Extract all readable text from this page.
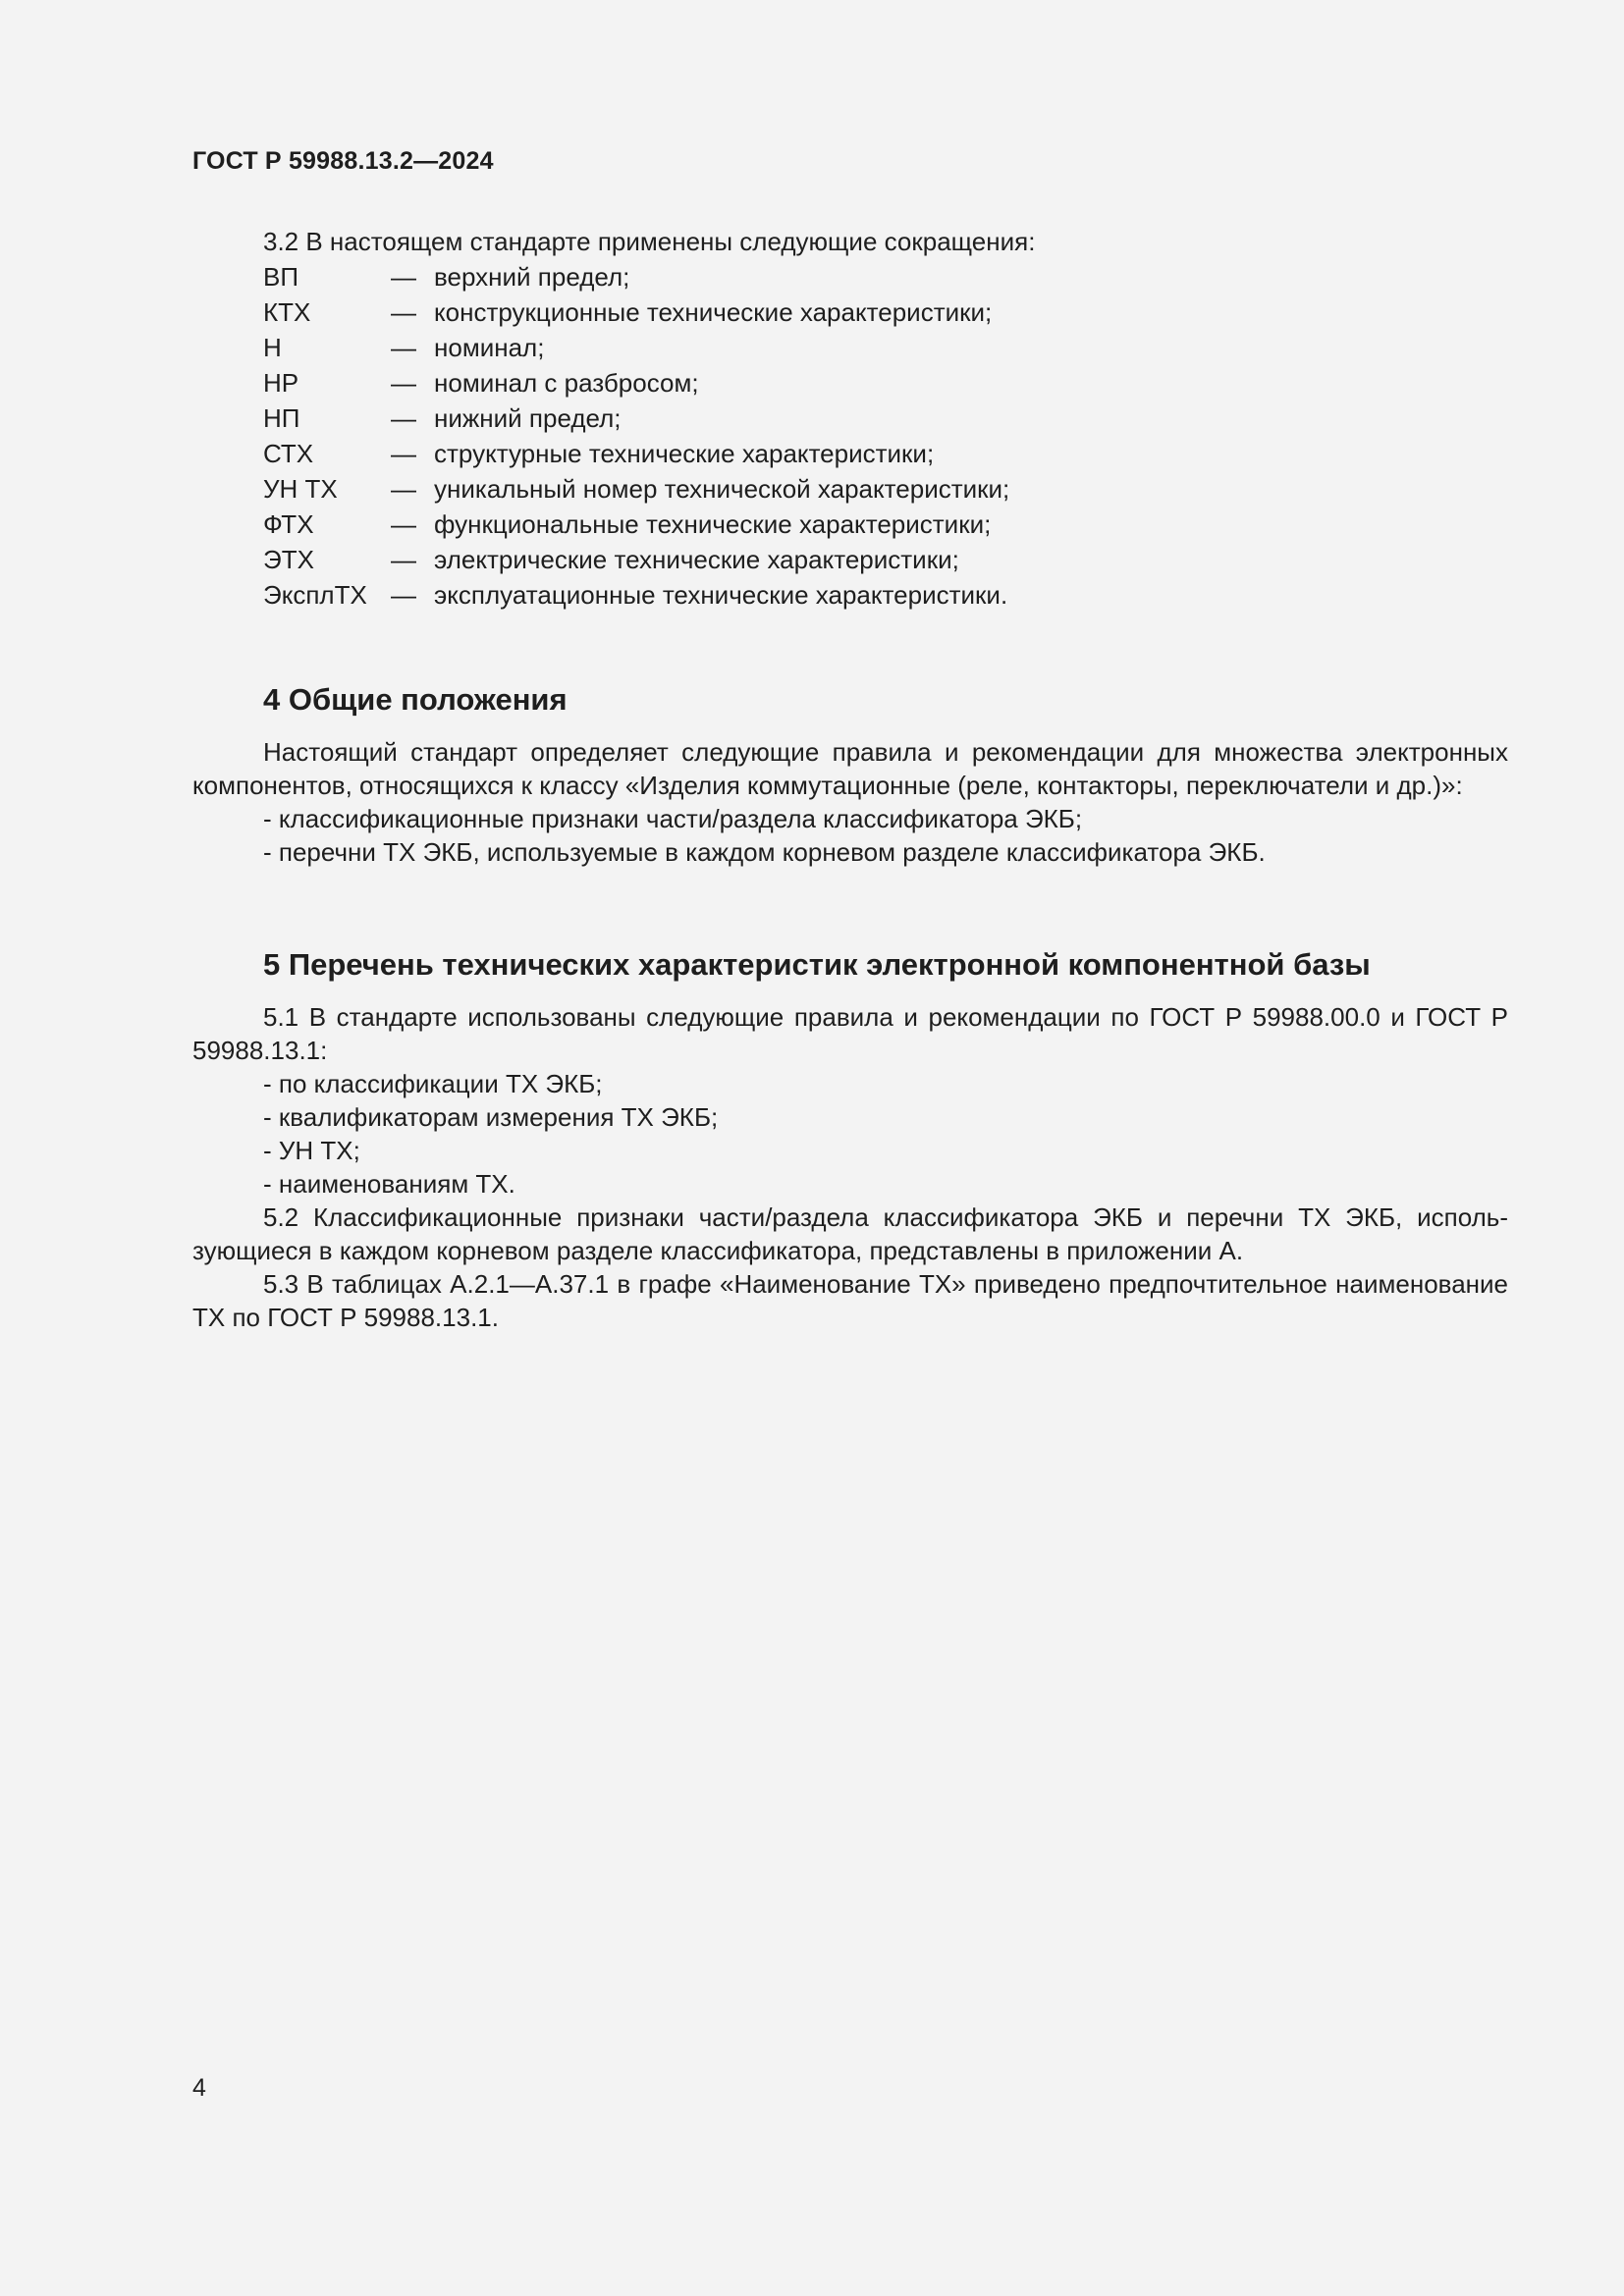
ГОСТ Р 59988.13.2—2024
3.2 В настоящем стандарте применены следующие сокращения:
ВП	— верхний предел;
КТХ	— конструкционные технические характеристики;
Н	— номинал;
НР	— номинал с разбросом;
НП	— нижний предел;
СТХ	— структурные технические характеристики;
УН ТХ	— уникальный номер технической характеристики;
ФТХ	— функциональные технические характеристики;
ЭТХ	— электрические технические характеристики;
ЭксплТХ — эксплуатационные технические характеристики.
4 Общие положения

Настоящий стандарт определяет следующие правила и рекомендации для множества электронных компонентов, относящихся к классу «Изделия коммутационные (реле, контакторы, переключатели и др.)»:

- классификационные признаки части/раздела классификатора ЭКБ;
- перечни ТХ ЭКБ, используемые в каждом корневом разделе классификатора ЭКБ.
5 Перечень технических характеристик электронной компонентной базы

5.1 В стандарте использованы следующие правила и рекомендации по ГОСТ Р 59988.00.0 и ГОСТ Р 59988.13.1:

- по классификации ТХ ЭКБ;
- квалификаторам измерения ТХ ЭКБ;
- УН ТХ;
- наименованиям ТХ.

5.2 Классификационные признаки части/раздела классификатора ЭКБ и перечни ТХ ЭКБ, использующиеся в каждом корневом разделе классификатора, представлены в приложении А.

5.3 В таблицах А.2.1—А.37.1 в графе «Наименование ТХ» приведено предпочтительное наименование ТХ по ГОСТ Р 59988.13.1.

4
